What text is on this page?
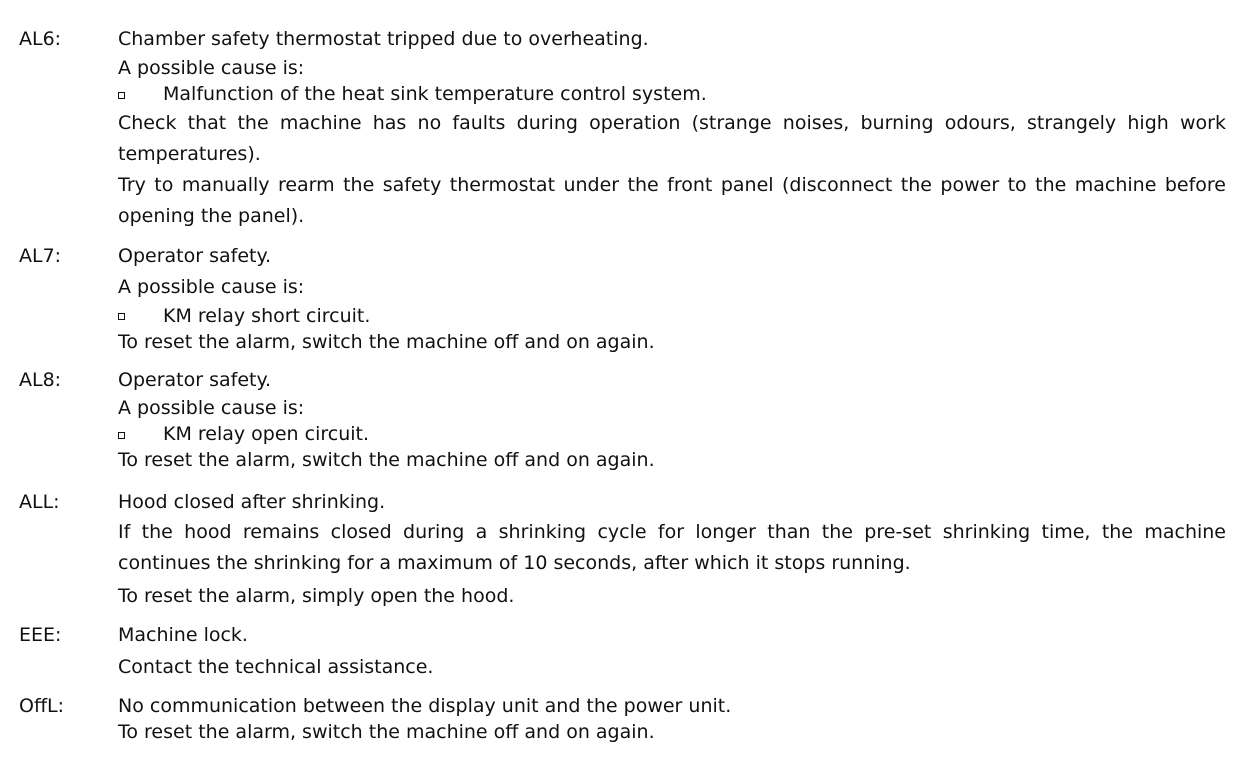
AL6:	Chamber safety thermostat tripped due to overheating.
A possible cause is:
Malfunction of the heat sink temperature control system.
Check that the machine has no faults during operation (strange noises, burning odours, strangely high work temperatures).
Try to manually rearm the safety thermostat under the front panel (disconnect the power to the machine before opening the panel).
AL7:	Operator safety.
A possible cause is:
KM relay short circuit.
To reset the alarm, switch the machine off and on again.
AL8:	Operator safety.
A possible cause is:
KM relay open circuit.
To reset the alarm, switch the machine off and on again.
ALL:	Hood closed after shrinking.
If the hood remains closed during a shrinking cycle for longer than the pre-set shrinking time, the machine continues the shrinking for a maximum of 10 seconds, after which it stops running.
To reset the alarm, simply open the hood.
EEE:	Machine lock.
Contact the technical assistance.
OffL:	No communication between the display unit and the power unit.
To reset the alarm, switch the machine off and on again.
